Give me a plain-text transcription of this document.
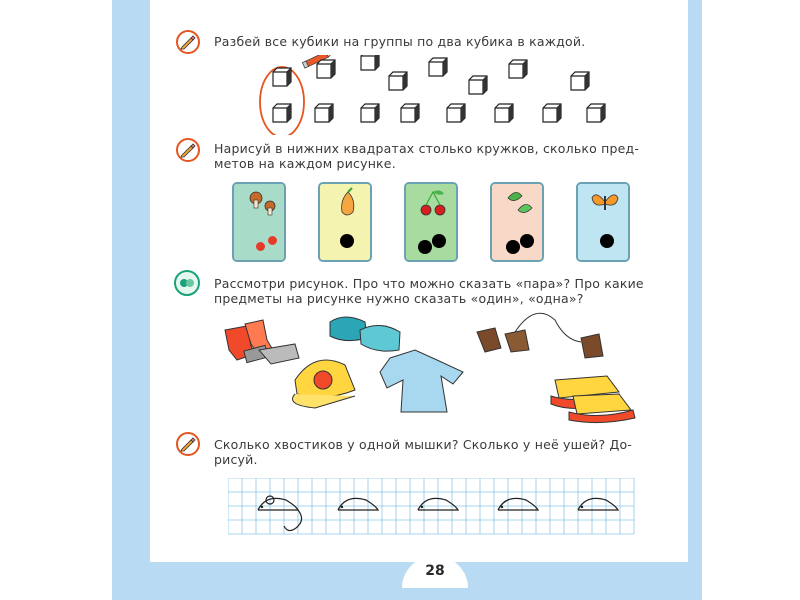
Разбей все кубики на группы по два кубика в каждой.
Нарисуй в нижних квадратах столько кружков, сколько пред-
метов на каждом рисунке.
Рассмотри рисунок. Про что можно сказать «пара»? Про какие
предметы на рисунке нужно сказать «один», «одна»?
Сколько хвостиков у одной мышки? Сколько у неё ушей? До-
рисуй.
28
